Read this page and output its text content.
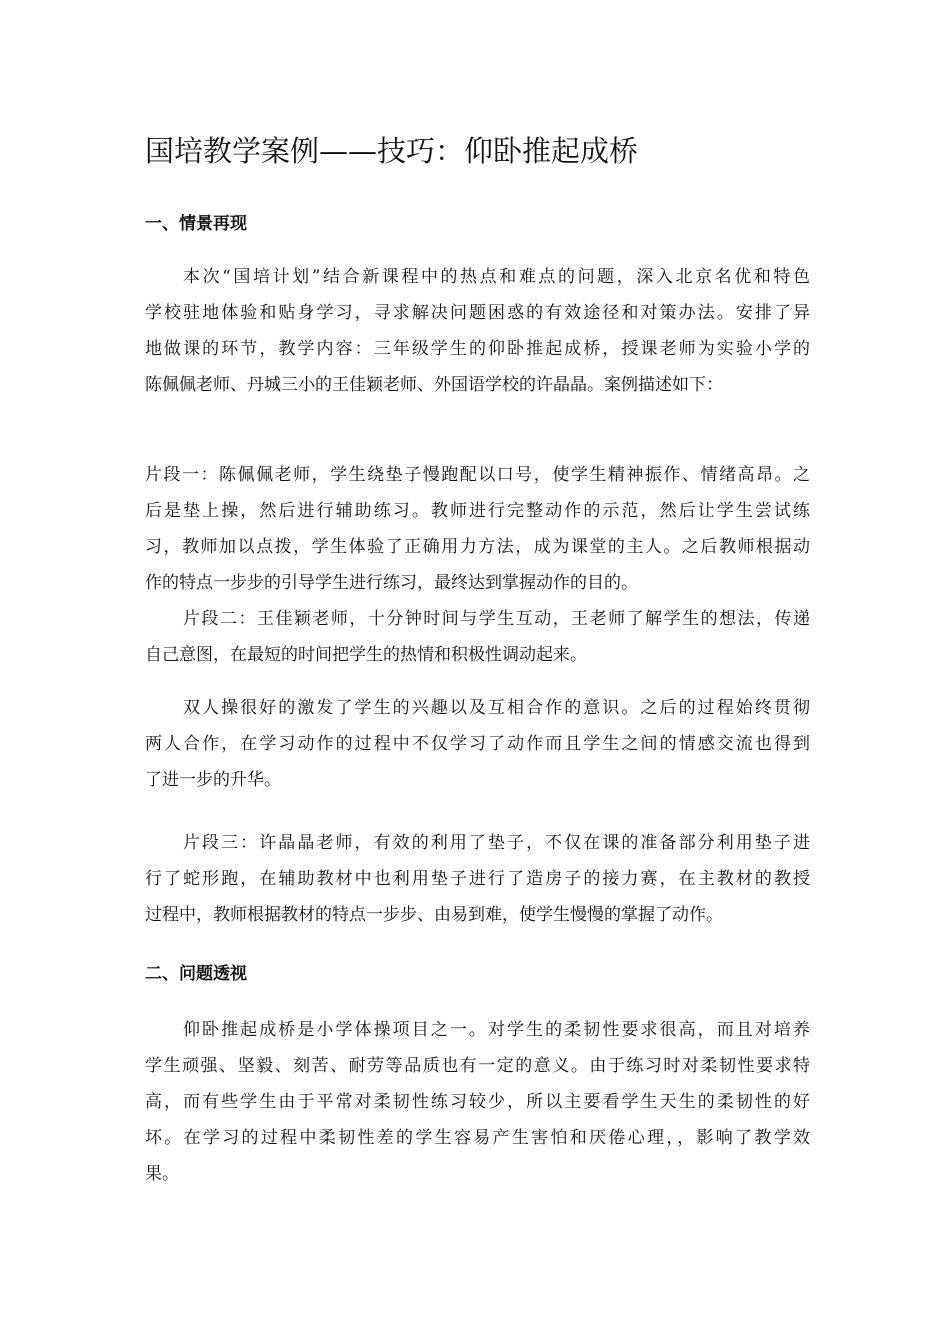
国培教学案例——技巧：仰卧推起成桥
一、情景再现
本次“国培计划”结合新课程中的热点和难点的问题，深入北京名优和特色
学校驻地体验和贴身学习，寻求解决问题困惑的有效途径和对策办法。安排了异
地做课的环节，教学内容：三年级学生的仰卧推起成桥，授课老师为实验小学的
陈佩佩老师、丹城三小的王佳颖老师、外国语学校的许晶晶。案例描述如下：
片段一：陈佩佩老师，学生绕垫子慢跑配以口号，使学生精神振作、情绪高昂。之
后是垫上操，然后进行辅助练习。教师进行完整动作的示范，然后让学生尝试练
习，教师加以点拨，学生体验了正确用力方法，成为课堂的主人。之后教师根据动
作的特点一步步的引导学生进行练习，最终达到掌握动作的目的。
片段二：王佳颖老师，十分钟时间与学生互动，王老师了解学生的想法，传递
自己意图，在最短的时间把学生的热情和积极性调动起来。
双人操很好的激发了学生的兴趣以及互相合作的意识。之后的过程始终贯彻
两人合作，在学习动作的过程中不仅学习了动作而且学生之间的情感交流也得到
了进一步的升华。
片段三：许晶晶老师，有效的利用了垫子，不仅在课的准备部分利用垫子进
行了蛇形跑，在辅助教材中也利用垫子进行了造房子的接力赛，在主教材的教授
过程中，教师根据教材的特点一步步、由易到难，使学生慢慢的掌握了动作。
二、问题透视
仰卧推起成桥是小学体操项目之一。对学生的柔韧性要求很高，而且对培养
学生顽强、坚毅、刻苦、耐劳等品质也有一定的意义。由于练习时对柔韧性要求特
高，而有些学生由于平常对柔韧性练习较少，所以主要看学生天生的柔韧性的好
坏。在学习的过程中柔韧性差的学生容易产生害怕和厌倦心理，，影响了教学效
果。
